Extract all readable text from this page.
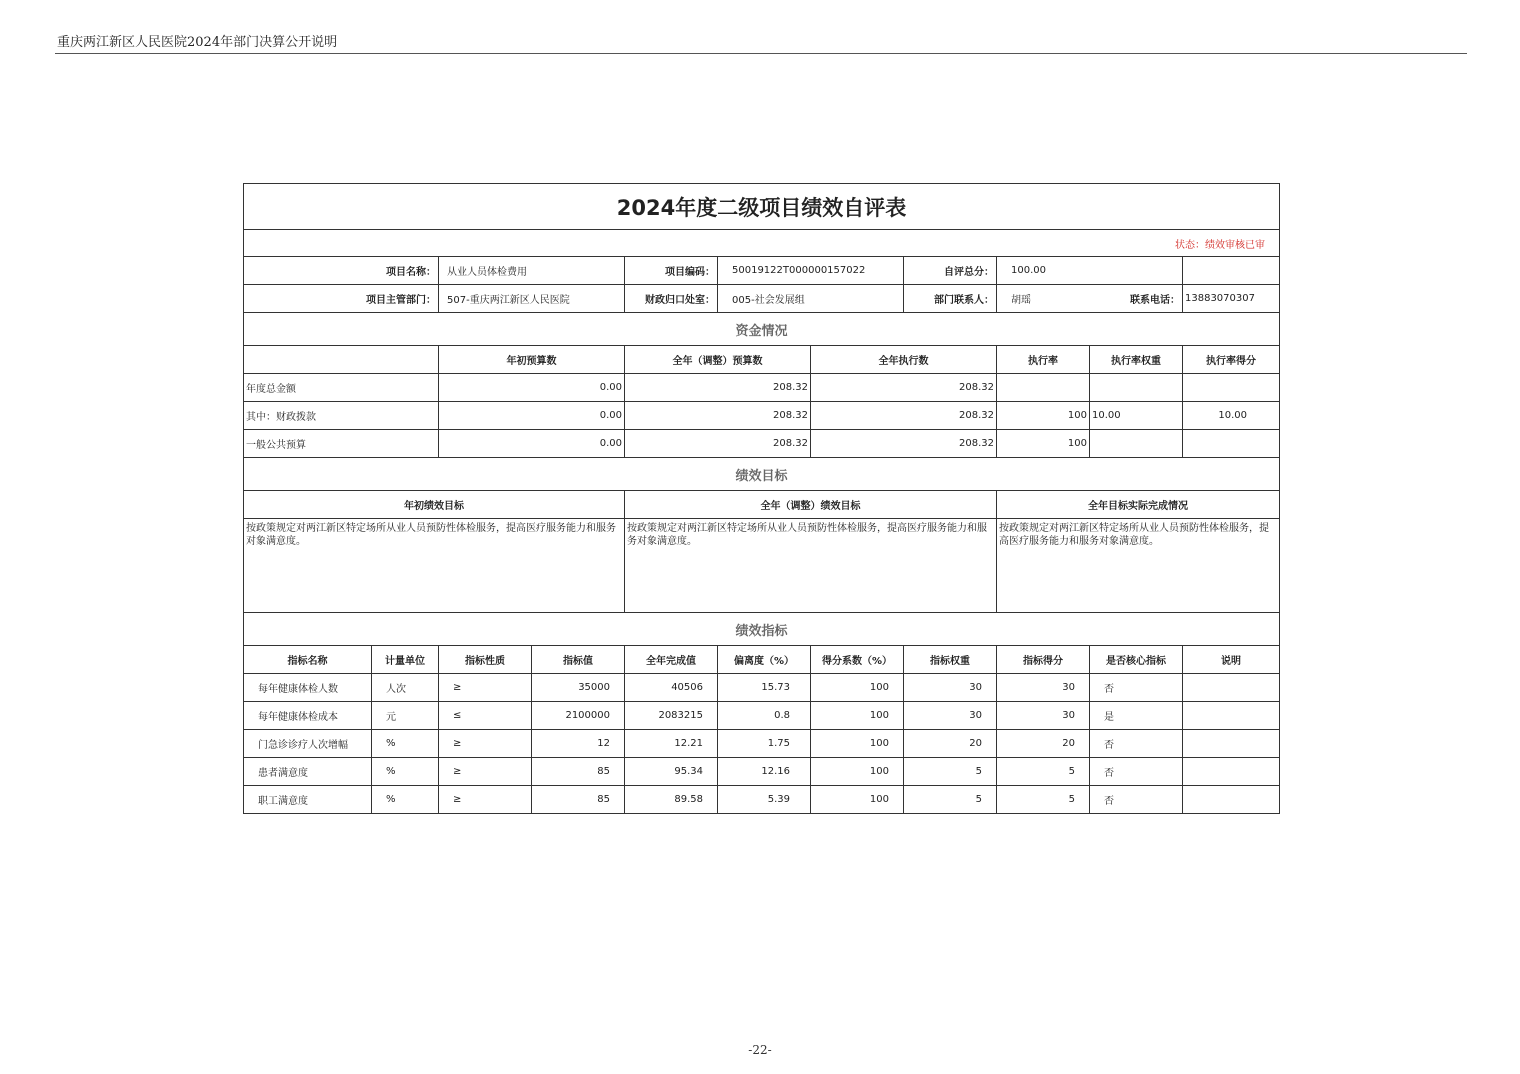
重庆两江新区人民医院2024年部门决算公开说明
2024年度二级项目绩效自评表										
状态：绩效审核已审										
项目名称：		从业人员体检费用		项目编码：	50019122T000000157022		自评总分：	100.00		
项目主管部门：		507-重庆两江新区人民医院		财政归口处室：	005-社会发展组		部门联系人：	胡瑶	联系电话：	13883070307
资金情况										
		年初预算数		全年（调整）预算数		全年执行数		执行率	执行率权重	执行率得分
年度总金额		0.00		208.32		208.32				
其中：财政拨款		0.00		208.32		208.32		100	10.00	10.00
一般公共预算		0.00		208.32		208.32		100		
绩效目标										
年初绩效目标				全年（调整）绩效目标				全年目标实际完成情况		
按政策规定对两江新区特定场所从业人员预防性体检服务，提高医疗服务能力和服务对象满意度。				按政策规定对两江新区特定场所从业人员预防性体检服务，提高医疗服务能力和服务对象满意度。				按政策规定对两江新区特定场所从业人员预防性体检服务，提高医疗服务能力和服务对象满意度。		
绩效指标										
指标名称	计量单位	指标性质	指标值	全年完成值	偏离度（%）	得分系数（%）	指标权重	指标得分	是否核心指标	说明
每年健康体检人数	人次	≥	35000	40506	15.73	100	30	30	否	
每年健康体检成本	元	≤	2100000	2083215	0.8	100	30	30	是	
门急诊诊疗人次增幅	%	≥	12	12.21	1.75	100	20	20	否	
患者满意度	%	≥	85	95.34	12.16	100	5	5	否	
职工满意度	%	≥	85	89.58	5.39	100	5	5	否	
-22-
